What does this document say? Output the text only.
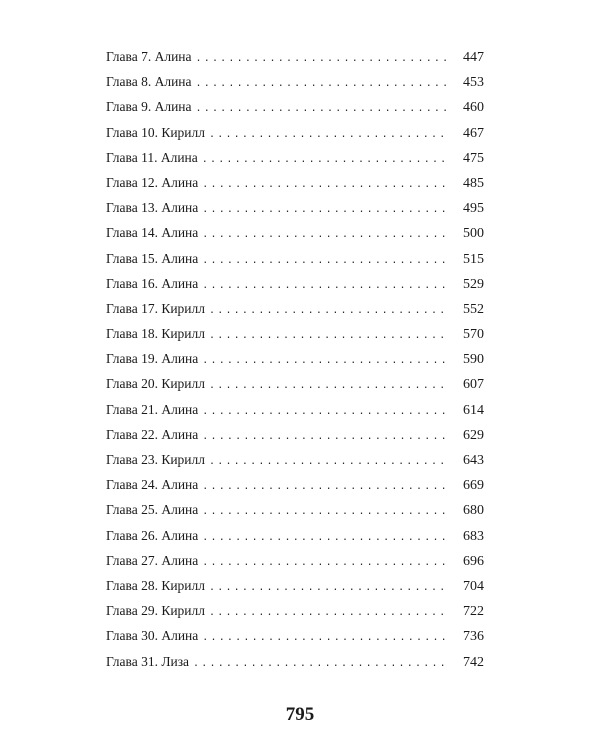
Глава 7. Алина .....	447
Глава 8. Алина .....	453
Глава 9. Алина .....	460
Глава 10. Кирилл .....	467
Глава 11. Алина .....	475
Глава 12. Алина .....	485
Глава 13. Алина .....	495
Глава 14. Алина .....	500
Глава 15. Алина .....	515
Глава 16. Алина .....	529
Глава 17. Кирилл .....	552
Глава 18. Кирилл .....	570
Глава 19. Алина .....	590
Глава 20. Кирилл .....	607
Глава 21. Алина .....	614
Глава 22. Алина .....	629
Глава 23. Кирилл .....	643
Глава 24. Алина .....	669
Глава 25. Алина .....	680
Глава 26. Алина .....	683
Глава 27. Алина .....	696
Глава 28. Кирилл .....	704
Глава 29. Кирилл .....	722
Глава 30. Алина .....	736
Глава 31. Лиза .....	742
795
